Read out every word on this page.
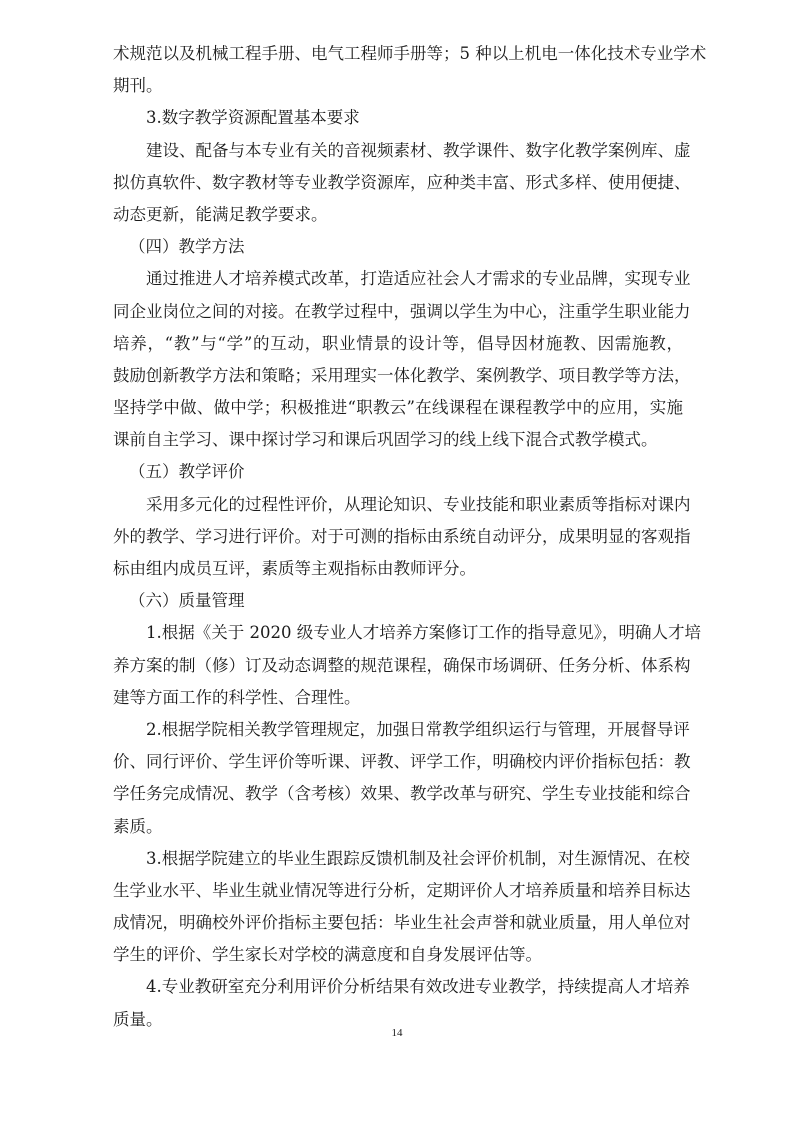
术规范以及机械工程手册、电气工程师手册等；5 种以上机电一体化技术专业学术
期刊。
3.数字教学资源配置基本要求
建设、配备与本专业有关的音视频素材、教学课件、数字化教学案例库、虚
拟仿真软件、数字教材等专业教学资源库，应种类丰富、形式多样、使用便捷、
动态更新，能满足教学要求。
（四）教学方法
通过推进人才培养模式改革，打造适应社会人才需求的专业品牌，实现专业
同企业岗位之间的对接。在教学过程中，强调以学生为中心，注重学生职业能力
培养，“教”与“学”的互动，职业情景的设计等，倡导因材施教、因需施教，
鼓励创新教学方法和策略；采用理实一体化教学、案例教学、项目教学等方法，
坚持学中做、做中学；积极推进“职教云”在线课程在课程教学中的应用，实施
课前自主学习、课中探讨学习和课后巩固学习的线上线下混合式教学模式。
（五）教学评价
采用多元化的过程性评价，从理论知识、专业技能和职业素质等指标对课内
外的教学、学习进行评价。对于可测的指标由系统自动评分，成果明显的客观指
标由组内成员互评，素质等主观指标由教师评分。
（六）质量管理
1.根据《关于 2020 级专业人才培养方案修订工作的指导意见》，明确人才培
养方案的制（修）订及动态调整的规范课程，确保市场调研、任务分析、体系构
建等方面工作的科学性、合理性。
2.根据学院相关教学管理规定，加强日常教学组织运行与管理，开展督导评
价、同行评价、学生评价等听课、评教、评学工作，明确校内评价指标包括：教
学任务完成情况、教学（含考核）效果、教学改革与研究、学生专业技能和综合
素质。
3.根据学院建立的毕业生跟踪反馈机制及社会评价机制，对生源情况、在校
生学业水平、毕业生就业情况等进行分析，定期评价人才培养质量和培养目标达
成情况，明确校外评价指标主要包括：毕业生社会声誉和就业质量，用人单位对
学生的评价、学生家长对学校的满意度和自身发展评估等。
4.专业教研室充分利用评价分析结果有效改进专业教学，持续提高人才培养
质量。
14
